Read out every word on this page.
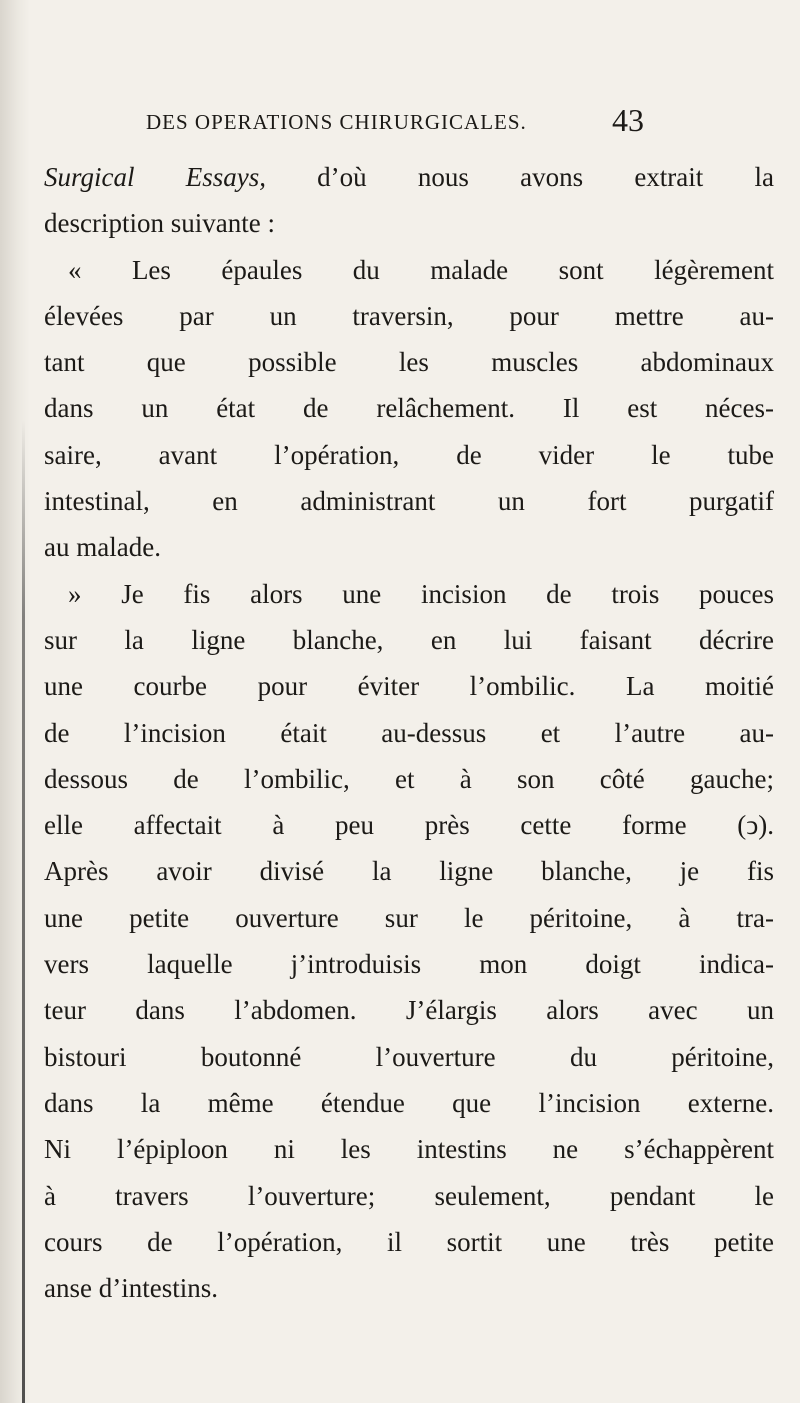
DES OPERATIONS CHIRURGICALES.	43
Surgical Essays, d’où nous avons extrait la
description suivante :
« Les épaules du malade sont légèrement
élevées par un traversin, pour mettre au-
tant que possible les muscles abdominaux
dans un état de relâchement. Il est néces-
saire, avant l’opération, de vider le tube
intestinal, en administrant un fort purgatif
au malade.
» Je fis alors une incision de trois pouces
sur la ligne blanche, en lui faisant décrire
une courbe pour éviter l’ombilic. La moitié
de l’incision était au-dessus et l’autre au-
dessous de l’ombilic, et à son côté gauche;
elle affectait à peu près cette forme (ↄ).
Après avoir divisé la ligne blanche, je fis
une petite ouverture sur le péritoine, à tra-
vers laquelle j’introduisis mon doigt indica-
teur dans l’abdomen. J’élargis alors avec un
bistouri boutonné l’ouverture du péritoine,
dans la même étendue que l’incision externe.
Ni l’épiploon ni les intestins ne s’échappèrent
à travers l’ouverture; seulement, pendant le
cours de l’opération, il sortit une très petite
anse d’intestins.
